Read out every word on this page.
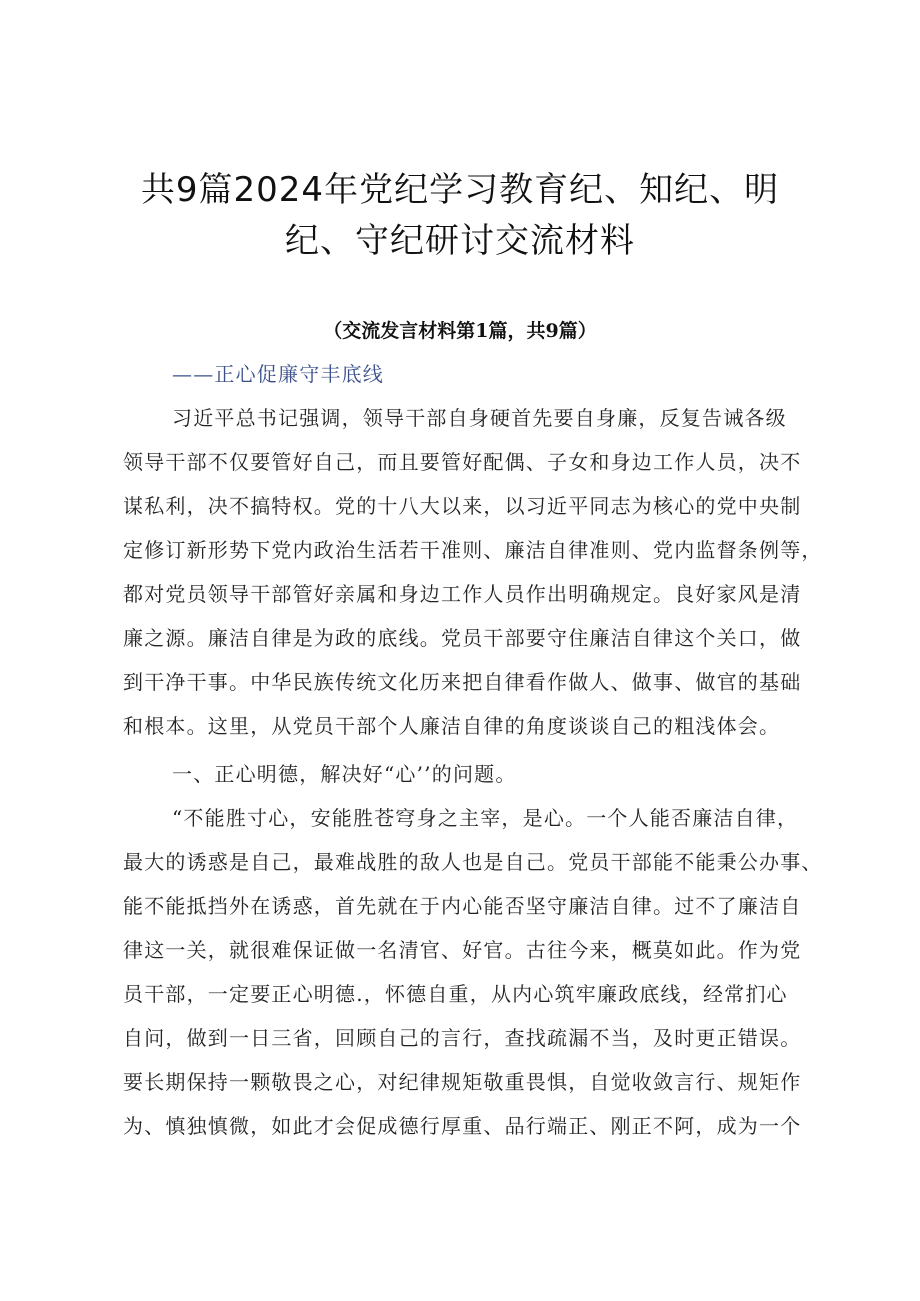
共9篇2024年党纪学习教育纪、知纪、明
纪、守纪研讨交流材料
（交流发言材料第1篇，共9篇）
——正心促廉守丰底线
习近平总书记强调，领导干部自身硬首先要自身廉，反复告诫各级
领导干部不仅要管好自己，而且要管好配偶、子女和身边工作人员，决不
谋私利，决不搞特权。党的十八大以来，以习近平同志为核心的党中央制
定修订新形势下党内政治生活若干准则、廉洁自律准则、党内监督条例等，
都对党员领导干部管好亲属和身边工作人员作出明确规定。良好家风是清
廉之源。廉洁自律是为政的底线。党员干部要守住廉洁自律这个关口，做
到干净干事。中华民族传统文化历来把自律看作做人、做事、做官的基础
和根本。这里，从党员干部个人廉洁自律的角度谈谈自己的粗浅体会。
一、正心明德，解决好“心’’的问题。
“不能胜寸心，安能胜苍穹身之主宰，是心。一个人能否廉洁自律，
最大的诱惑是自己，最难战胜的敌人也是自己。党员干部能不能秉公办事、
能不能抵挡外在诱惑，首先就在于内心能否坚守廉洁自律。过不了廉洁自
律这一关，就很难保证做一名清官、好官。古往今来，概莫如此。作为党
员干部，一定要正心明德.，怀德自重，从内心筑牢廉政底线，经常扪心
自问，做到一日三省，回顾自己的言行，查找疏漏不当，及时更正错误。
要长期保持一颗敬畏之心，对纪律规矩敬重畏惧，自觉收敛言行、规矩作
为、慎独慎微，如此才会促成德行厚重、品行端正、刚正不阿，成为一个
